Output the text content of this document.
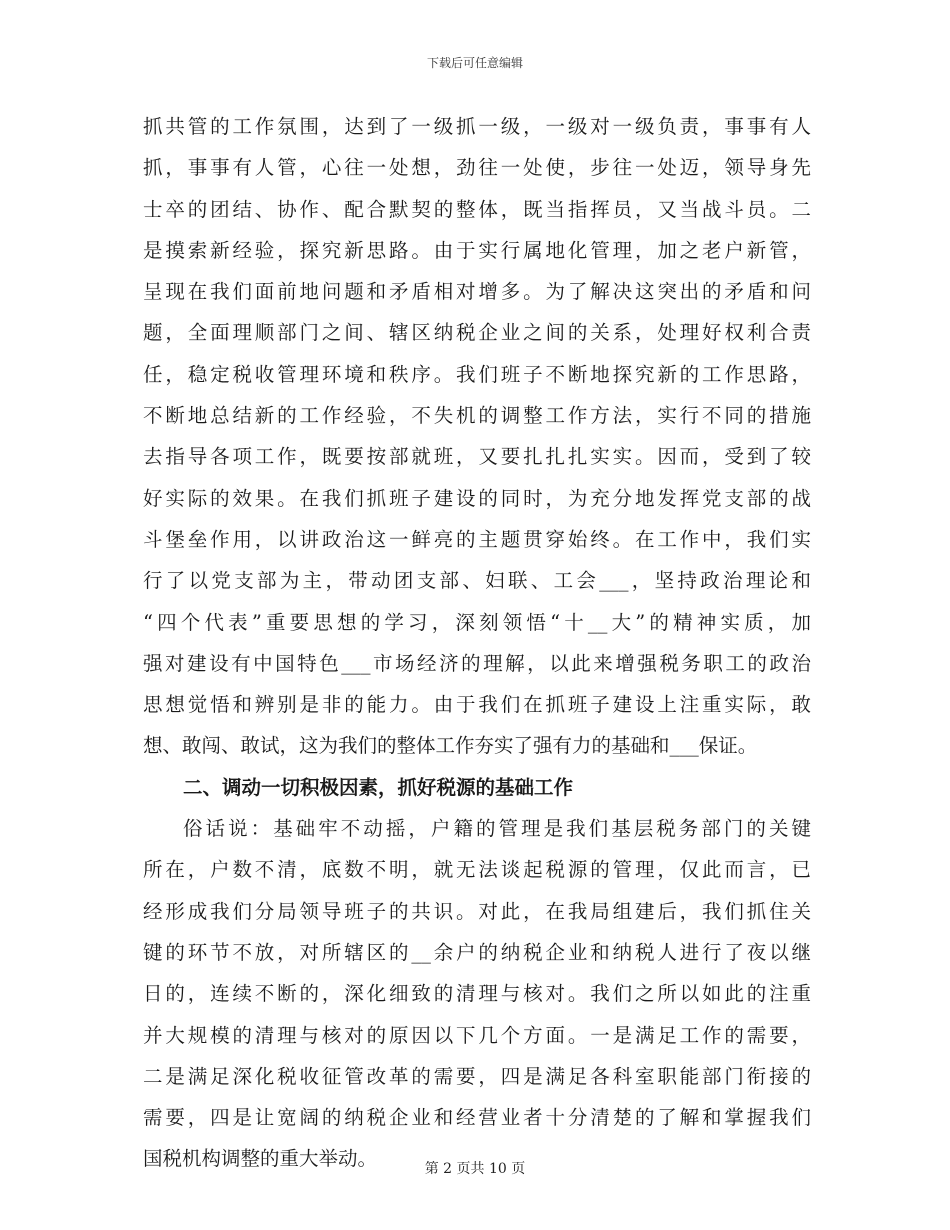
下载后可任意编辑
抓共管的工作氛围，达到了一级抓一级，一级对一级负责，事事有人
抓，事事有人管，心往一处想，劲往一处使，步往一处迈，领导身先
士卒的团结、协作、配合默契的整体，既当指挥员，又当战斗员。二
是摸索新经验，探究新思路。由于实行属地化管理，加之老户新管，
呈现在我们面前地问题和矛盾相对增多。为了解决这突出的矛盾和问
题，全面理顺部门之间、辖区纳税企业之间的关系，处理好权利合责
任，稳定税收管理环境和秩序。我们班子不断地探究新的工作思路，
不断地总结新的工作经验，不失机的调整工作方法，实行不同的措施
去指导各项工作，既要按部就班，又要扎扎扎实实。因而，受到了较
好实际的效果。在我们抓班子建设的同时，为充分地发挥党支部的战
斗堡垒作用，以讲政治这一鲜亮的主题贯穿始终。在工作中，我们实
行了以党支部为主，带动团支部、妇联、工会___，坚持政治理论和
“四个代表”重要思想的学习，深刻领悟“十__大”的精神实质，加
强对建设有中国特色___市场经济的理解，以此来增强税务职工的政治
思想觉悟和辨别是非的能力。由于我们在抓班子建设上注重实际，敢
想、敢闯、敢试，这为我们的整体工作夯实了强有力的基础和___保证。
二、调动一切积极因素，抓好税源的基础工作
俗话说：基础牢不动摇，户籍的管理是我们基层税务部门的关键
所在，户数不清，底数不明，就无法谈起税源的管理，仅此而言，已
经形成我们分局领导班子的共识。对此，在我局组建后，我们抓住关
键的环节不放，对所辖区的__余户的纳税企业和纳税人进行了夜以继
日的，连续不断的，深化细致的清理与核对。我们之所以如此的注重
并大规模的清理与核对的原因以下几个方面。一是满足工作的需要，
二是满足深化税收征管改革的需要，四是满足各科室职能部门衔接的
需要，四是让宽阔的纳税企业和经营业者十分清楚的了解和掌握我们
国税机构调整的重大举动。	第 2 页共 10 页
